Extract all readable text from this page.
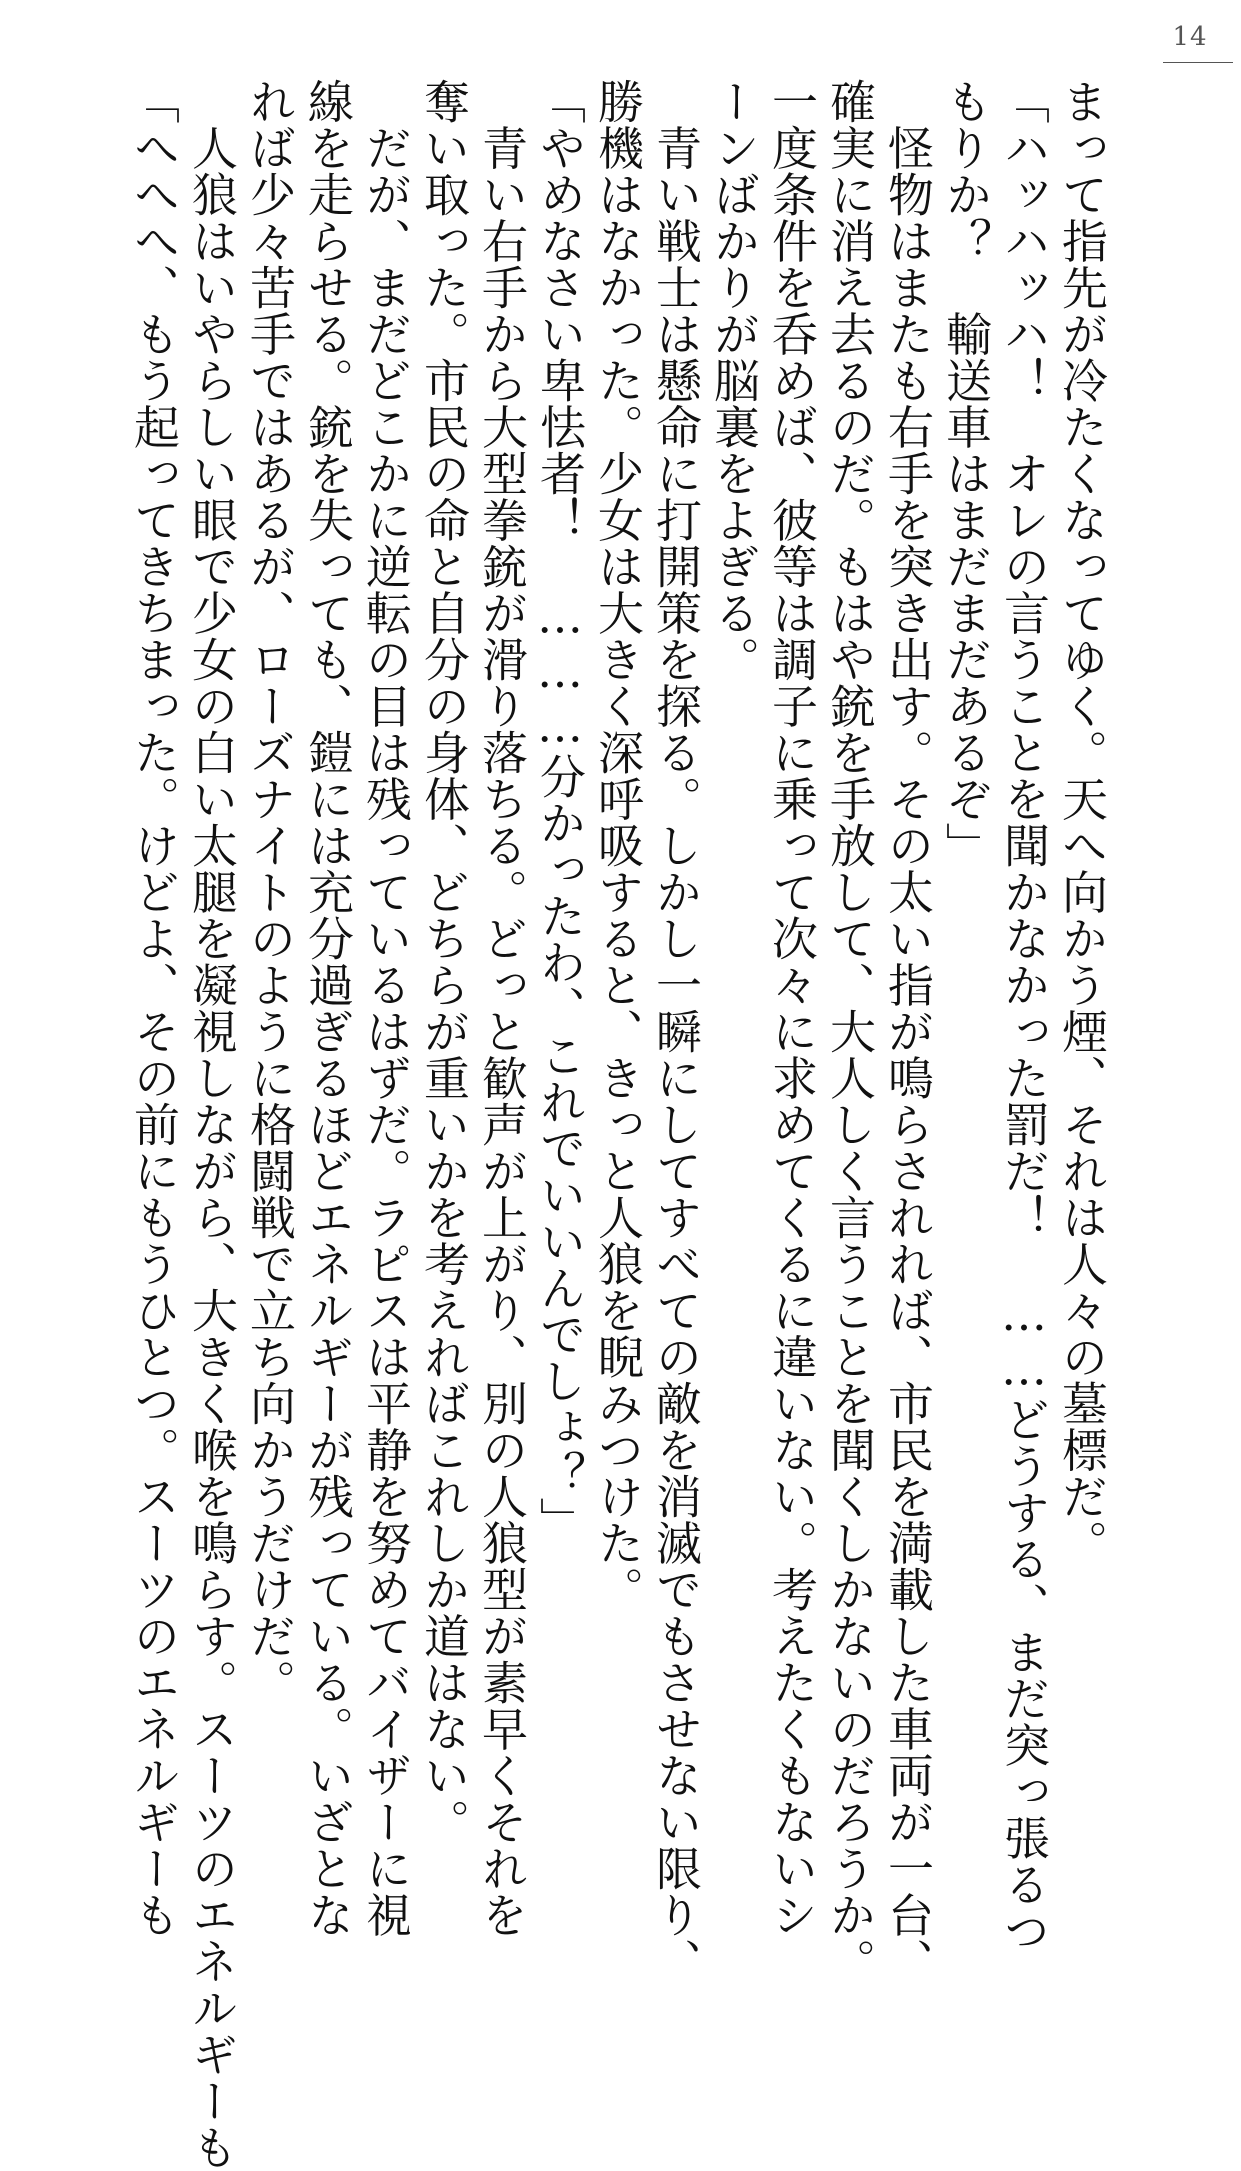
14
まって指先が冷たくなってゆく。天へ向かう煙、それは人々の墓標だ。
「ハッハッハ！　オレの言うことを聞かなかった罰だ！　……どうする、まだ突っ張るつ
もりか？　輸送車はまだまだあるぞ」
　怪物はまたも右手を突き出す。その太い指が鳴らされれば、市民を満載した車両が一台、
確実に消え去るのだ。もはや銃を手放して、大人しく言うことを聞くしかないのだろうか。
一度条件を呑めば、彼等は調子に乗って次々に求めてくるに違いない。考えたくもないシ
ーンばかりが脳裏をよぎる。
　青い戦士は懸命に打開策を探る。しかし一瞬にしてすべての敵を消滅でもさせない限り、
勝機はなかった。少女は大きく深呼吸すると、きっと人狼を睨みつけた。
「やめなさい卑怯者！　………分かったわ、これでいいんでしょ？」
　青い右手から大型拳銃が滑り落ちる。どっと歓声が上がり、別の人狼型が素早くそれを
奪い取った。市民の命と自分の身体、どちらが重いかを考えればこれしか道はない。
　だが、まだどこかに逆転の目は残っているはずだ。ラピスは平静を努めてバイザーに視
線を走らせる。銃を失っても、鎧には充分過ぎるほどエネルギーが残っている。いざとな
れば少々苦手ではあるが、ローズナイトのように格闘戦で立ち向かうだけだ。
　人狼はいやらしい眼で少女の白い太腿を凝視しながら、大きく喉を鳴らす。スーツのエネルギーも
「へへへ、もう起ってきちまった。けどよ、その前にもうひとつ。スーツのエネルギーも
